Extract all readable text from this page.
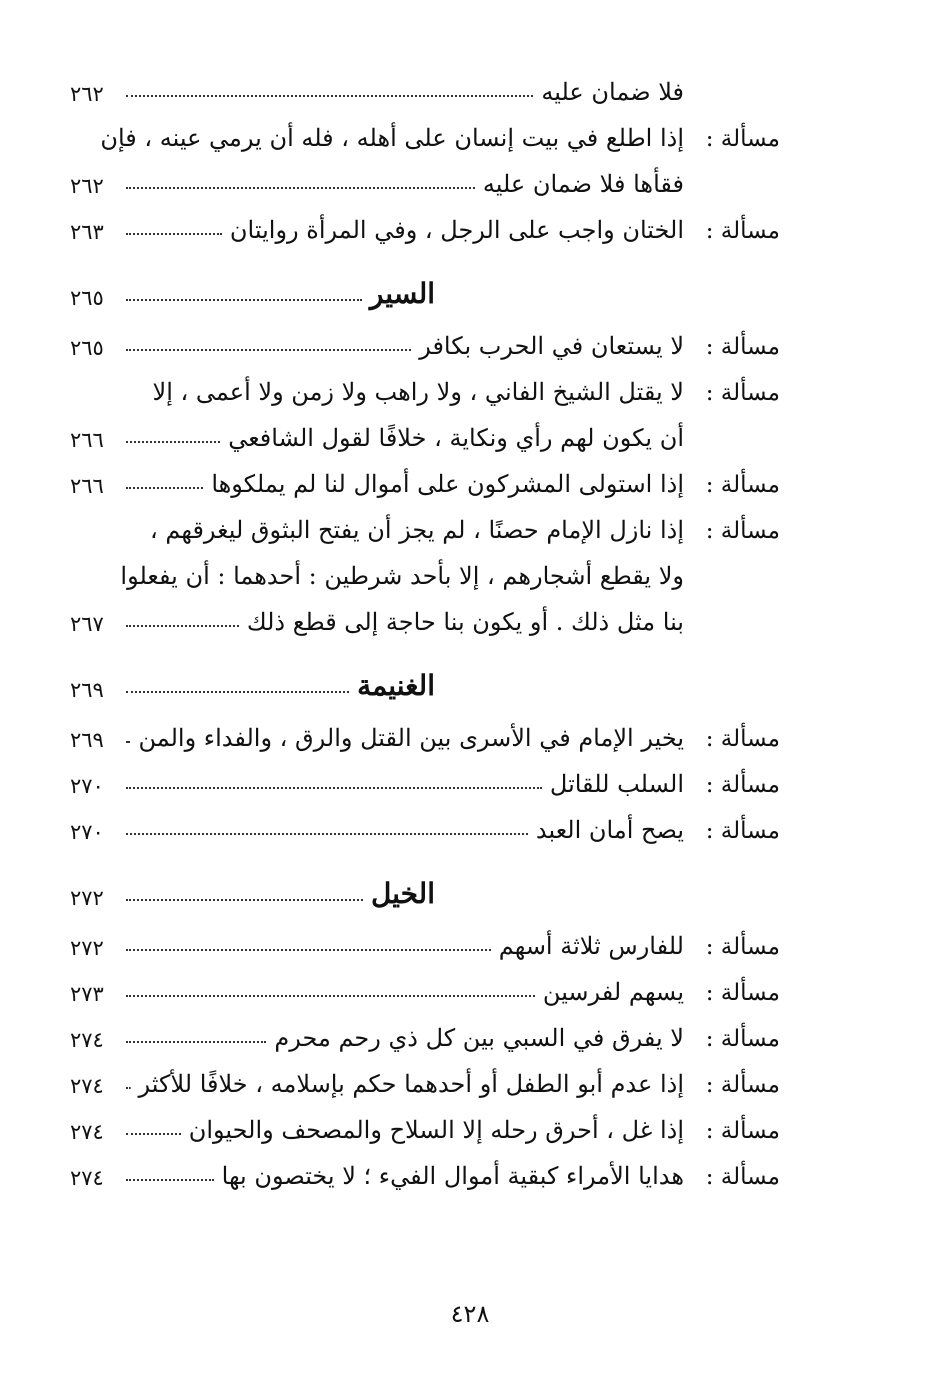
فلا ضمان عليه
٢٦٢
مسألة :
إذا اطلع في بيت إنسان على أهله ، فله أن يرمي عينه ، فإن
فقأها فلا ضمان عليه
٢٦٢
مسألة :
الختان واجب على الرجل ، وفي المرأة روايتان
٢٦٣
السير
٢٦٥
مسألة :
لا يستعان في الحرب بكافر
٢٦٥
مسألة :
لا يقتل الشيخ الفاني ، ولا راهب ولا زمن ولا أعمى ، إلا
أن يكون لهم رأي ونكاية ، خلافًا لقول الشافعي
٢٦٦
مسألة :
إذا استولى المشركون على أموال لنا لم يملكوها
٢٦٦
مسألة :
إذا نازل الإمام حصنًا ، لم يجز أن يفتح البثوق ليغرقهم ،
ولا يقطع أشجارهم ، إلا بأحد شرطين : أحدهما : أن يفعلوا
بنا مثل ذلك . أو يكون بنا حاجة إلى قطع ذلك
٢٦٧
الغنيمة
٢٦٩
مسألة :
يخير الإمام في الأسرى بين القتل والرق ، والفداء والمن
٢٦٩
مسألة :
السلب للقاتل
٢٧٠
مسألة :
يصح أمان العبد
٢٧٠
الخيل
٢٧٢
مسألة :
للفارس ثلاثة أسهم
٢٧٢
مسألة :
يسهم لفرسين
٢٧٣
مسألة :
لا يفرق في السبي بين كل ذي رحم محرم
٢٧٤
مسألة :
إذا عدم أبو الطفل أو أحدهما حكم بإسلامه ، خلافًا للأكثر
٢٧٤
مسألة :
إذا غل ، أحرق رحله إلا السلاح والمصحف والحيوان
٢٧٤
مسألة :
هدايا الأمراء كبقية أموال الفيء ؛ لا يختصون بها
٢٧٤
٤٢٨
